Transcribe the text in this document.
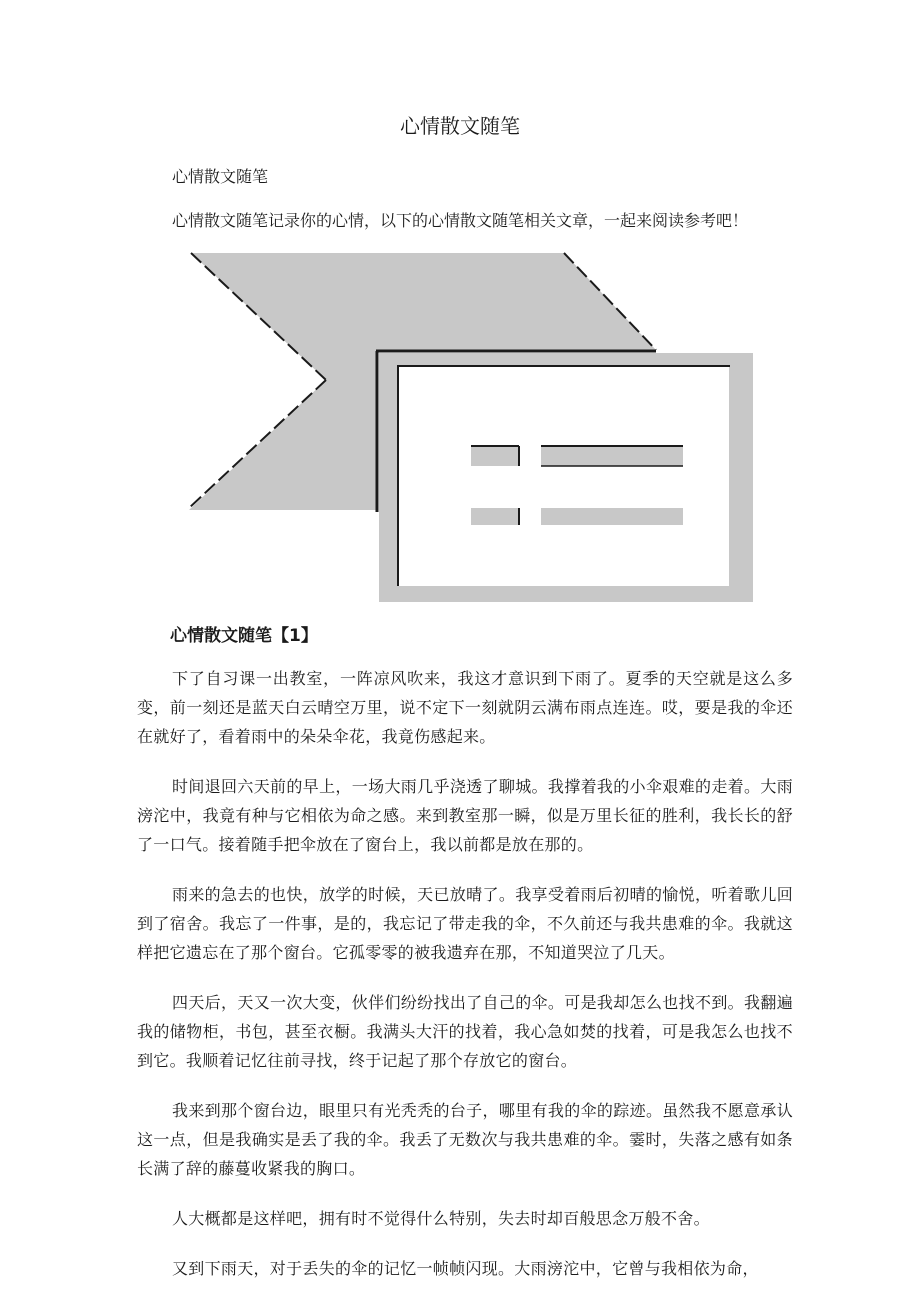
心情散文随笔
心情散文随笔
心情散文随笔记录你的心情，以下的心情散文随笔相关文章，一起来阅读参考吧！
心情散文随笔【1】

下了自习课一出教室，一阵凉风吹来，我这才意识到下雨了。夏季的天空就是这么多变，前一刻还是蓝天白云晴空万里，说不定下一刻就阴云满布雨点连连。哎，要是我的伞还在就好了，看着雨中的朵朵伞花，我竟伤感起来。

时间退回六天前的早上，一场大雨几乎浇透了聊城。我撑着我的小伞艰难的走着。大雨滂沱中，我竟有种与它相依为命之感。来到教室那一瞬，似是万里长征的胜利，我长长的舒了一口气。接着随手把伞放在了窗台上，我以前都是放在那的。

雨来的急去的也快，放学的时候，天已放晴了。我享受着雨后初晴的愉悦，听着歌儿回到了宿舍。我忘了一件事，是的，我忘记了带走我的伞，不久前还与我共患难的伞。我就这样把它遗忘在了那个窗台。它孤零零的被我遗弃在那，不知道哭泣了几天。

四天后，天又一次大变，伙伴们纷纷找出了自己的伞。可是我却怎么也找不到。我翻遍我的储物柜，书包，甚至衣橱。我满头大汗的找着，我心急如焚的找着，可是我怎么也找不到它。我顺着记忆往前寻找，终于记起了那个存放它的窗台。

我来到那个窗台边，眼里只有光秃秃的台子，哪里有我的伞的踪迹。虽然我不愿意承认这一点，但是我确实是丢了我的伞。我丢了无数次与我共患难的伞。霎时，失落之感有如条长满了辞的藤蔓收紧我的胸口。

人大概都是这样吧，拥有时不觉得什么特别，失去时却百般思念万般不舍。

又到下雨天，对于丢失的伞的记忆一帧帧闪现。大雨滂沱中，它曾与我相依为命，
